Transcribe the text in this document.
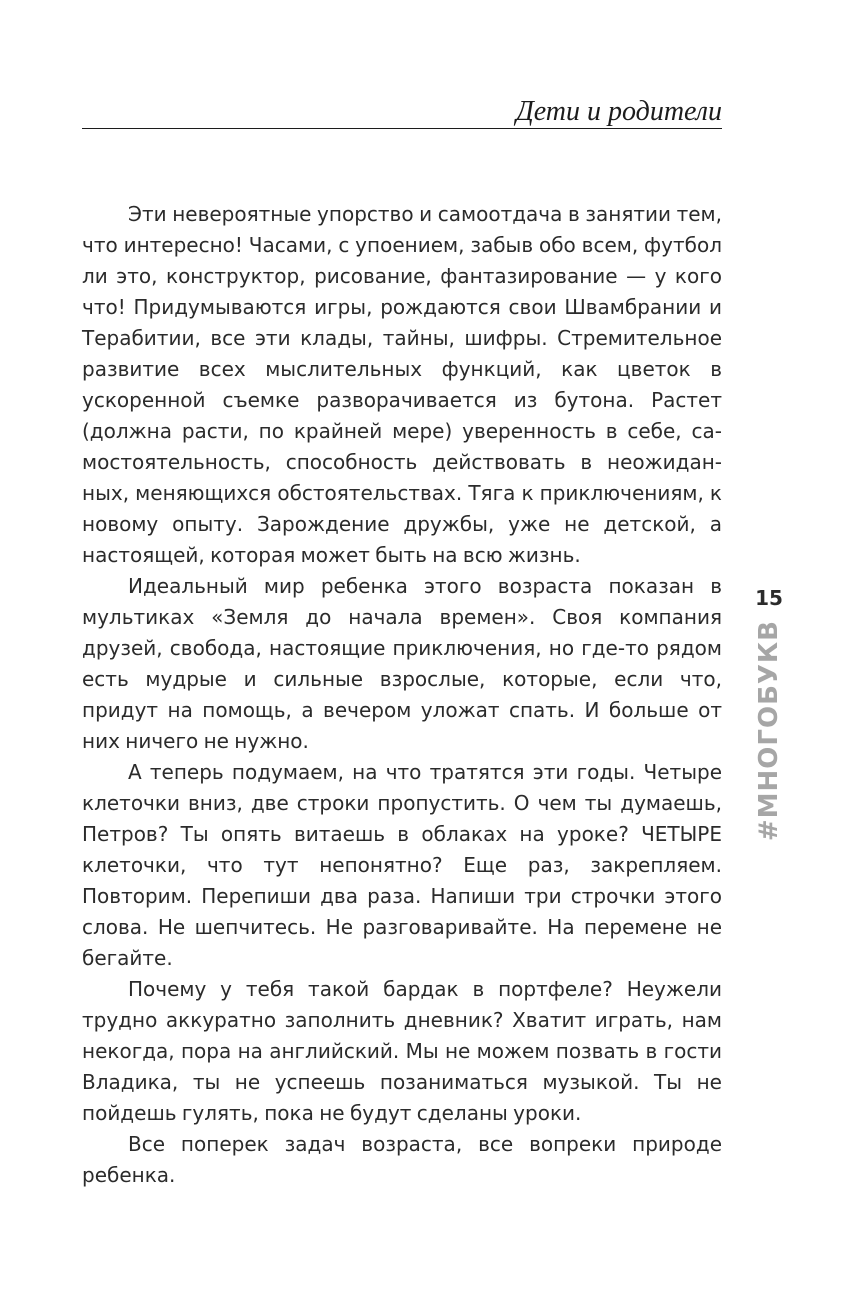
Дети и родители

Эти невероятные упорство и самоотдача в занятии тем, что интересно! Часами, с упоением, забыв обо всем, футбол ли это, конструктор, рисование, фантазирование — у кого что! Придумываются игры, рождаются свои Швамбрании и Терабитии, все эти клады, тайны, шифры. Стремительное развитие всех мыслительных функций, как цветок в ускоренной съемке разворачивается из бутона. Растет (должна расти, по крайней мере) уверенность в себе, самостоятельность, способность действовать в неожиданных, меняющихся обстоятельствах. Тяга к приключениям, к новому опыту. Зарождение дружбы, уже не детской, а настоящей, которая может быть на всю жизнь.

Идеальный мир ребенка этого возраста показан в мультиках «Земля до начала времен». Своя компания друзей, свобода, настоящие приключения, но где-то рядом есть мудрые и сильные взрослые, которые, если что, придут на помощь, а вечером уложат спать. И больше от них ничего не нужно.

А теперь подумаем, на что тратятся эти годы. Четыре клеточки вниз, две строки пропустить. О чем ты думаешь, Петров? Ты опять витаешь в облаках на уроке? ЧЕТЫРЕ клеточки, что тут непонятно? Еще раз, закрепляем. Повторим. Перепиши два раза. Напиши три строчки этого слова. Не шепчитесь. Не разговаривайте. На перемене не бегайте.

Почему у тебя такой бардак в портфеле? Неужели трудно аккуратно заполнить дневник? Хватит играть, нам некогда, пора на английский. Мы не можем позвать в гости Владика, ты не успеешь позаниматься музыкой. Ты не пойдешь гулять, пока не будут сделаны уроки.

Все поперек задач возраста, все вопреки природе ребенка.

15
#МНОГОБУКВ
